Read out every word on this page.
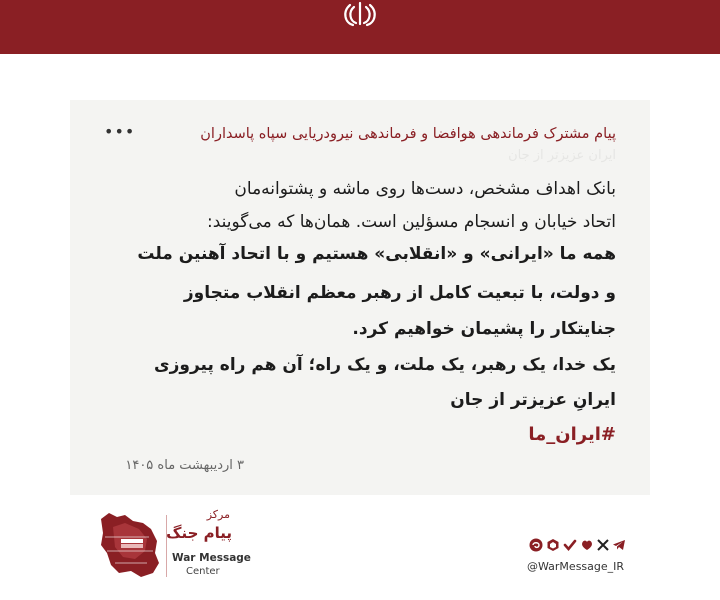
پیام مشترک فرماندهی هوافضا و فرماندهی نیرودریایی سپاه پاسداران
•••
ایران عزیزتر از جان
بانک اهداف مشخص، دست‌ها روی ماشه و پشتوانه‌مان
اتحاد خیابان و انسجام مسؤلین است. همان‌ها که می‌گویند:
همه ما «ایرانی» و «انقلابی» هستیم و با اتحاد آهنین ملت
و دولت، با تبعیت کامل از رهبر معظم انقلاب متجاوز
جنایتکار را پشیمان خواهیم کرد.
یک خدا، یک رهبر، یک ملت، و یک راه؛ آن هم راه پیروزی
ایرانِ عزیزتر از جان
#ایران_ما
۳ اردیبهشت ماه ۱۴۰۵
مرکز
پیام جنگ
War Message
Center	@WarMessage_IR
